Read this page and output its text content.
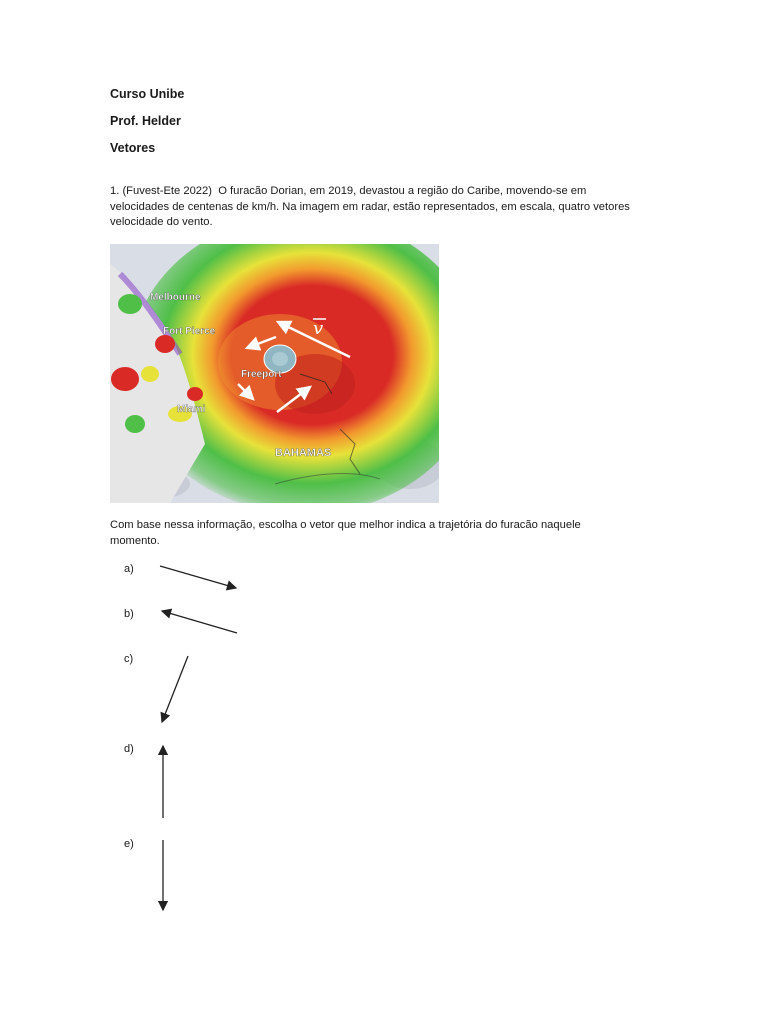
Curso Unibe
Prof. Helder
Vetores
1. (Fuvest-Ete 2022) O furacão Dorian, em 2019, devastou a região do Caribe, movendo-se em
velocidades de centenas de km/h. Na imagem em radar, estão representados, em escala, quatro vetores
velocidade do vento.
v
Melbourne
Fort Pierce
Freeport
Miami
BAHAMAS
Com base nessa informação, escolha o vetor que melhor indica a trajetória do furacão naquele
momento.
a)
b)
c)
d)
e)
